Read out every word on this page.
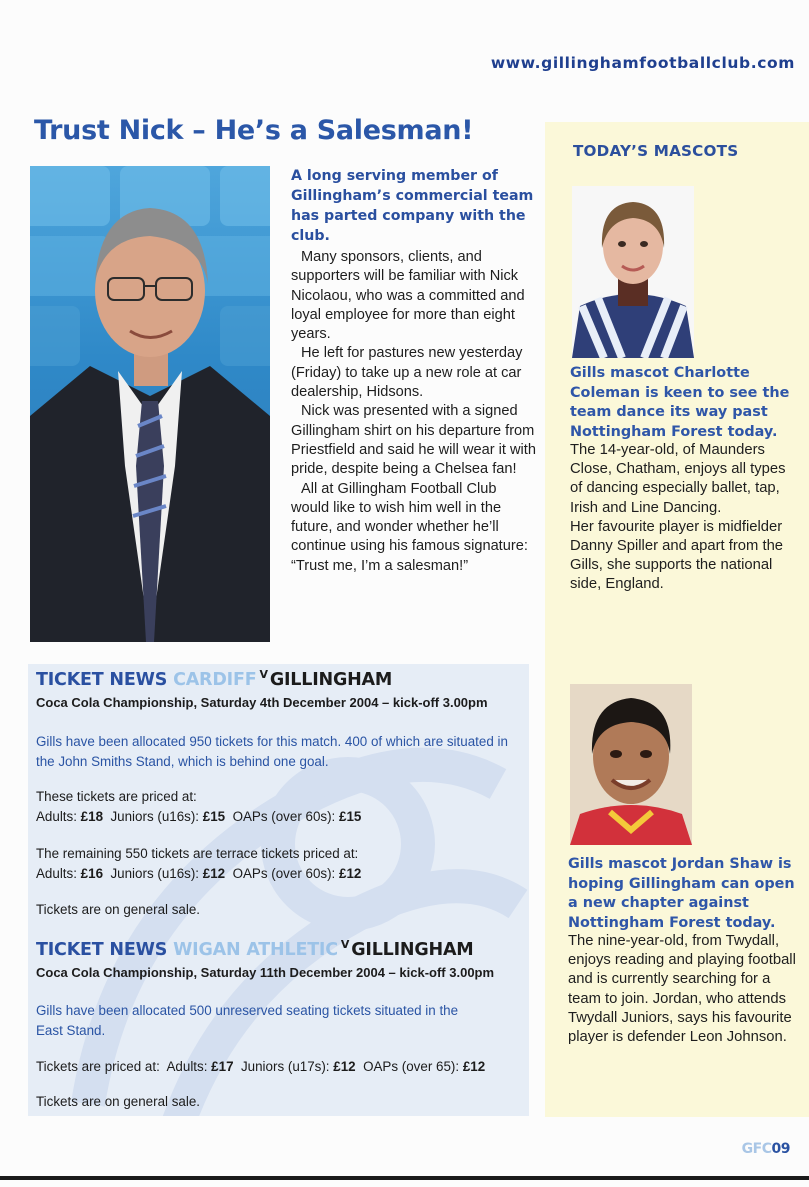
www.gillinghamfootballclub.com
Trust Nick – He’s a Salesman!

A long serving member of Gillingham’s commercial team has parted company with the club.

Many sponsors, clients, and supporters will be familiar with Nick Nicolaou, who was a committed and loyal employee for more than eight years.

He left for pastures new yesterday (Friday) to take up a new role at car dealership, Hidsons.

Nick was presented with a signed Gillingham shirt on his departure from Priestfield and said he will wear it with pride, despite being a Chelsea fan!

All at Gillingham Football Club would like to wish him well in the future, and wonder whether he’ll continue using his famous signature: “Trust me, I’m a salesman!”

TODAY’S MASCOTS
Gills mascot Charlotte Coleman is keen to see the team dance its way past Nottingham Forest today.

The 14-year-old, of Maunders Close, Chatham, enjoys all types of dancing especially ballet, tap, Irish and Line Dancing.

Her favourite player is midfielder Danny Spiller and apart from the Gills, she supports the national side, England.

Gills mascot Jordan Shaw is hoping Gillingham can open a new chapter against Nottingham Forest today.
The nine-year-old, from Twydall, enjoys reading and playing football and is currently searching for a team to join. Jordan, who attends Twydall Juniors, says his favourite player is defender Leon Johnson.
TICKET NEWS CARDIFF $^V$ GILLINGHAM
Coca Cola Championship, Saturday 4th December 2004 – kick-off 3.00pm
Gills have been allocated 950 tickets for this match. 400 of which are situated in the John Smiths Stand, which is behind one goal.
These tickets are priced at:
Adults: £18 Juniors (u16s): £15 OAPs (over 60s): £15
The remaining 550 tickets are terrace tickets priced at:
Adults: £16 Juniors (u16s): £12 OAPs (over 60s): £12
Tickets are on general sale.
TICKET NEWS WIGAN ATHLETIC $^V$ GILLINGHAM
Coca Cola Championship, Saturday 11th December 2004 – kick-off 3.00pm
Gills have been allocated 500 unreserved seating tickets situated in the East Stand.
Tickets are priced at: Adults: £17 Juniors (u17s): £12 OAPs (over 65): £12
Tickets are on general sale.
GFC09
